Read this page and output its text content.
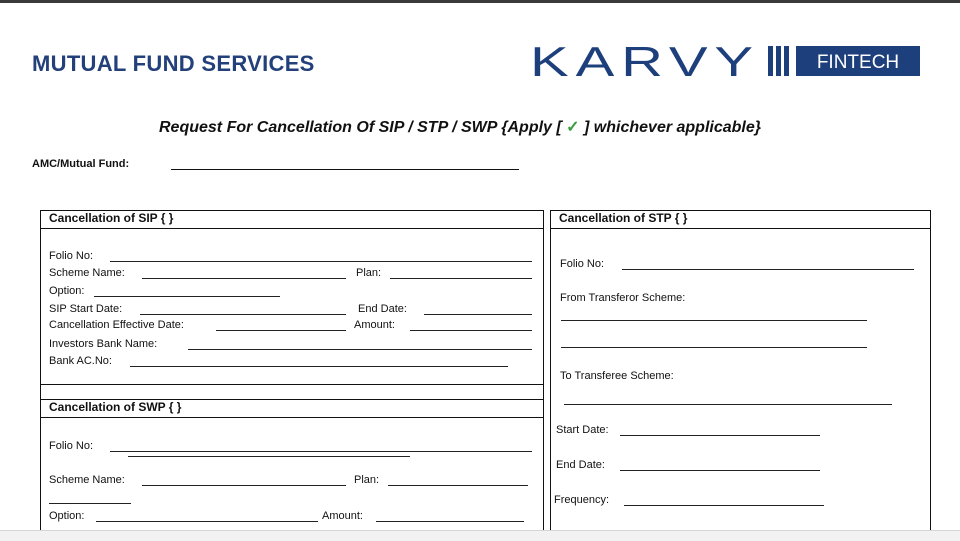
MUTUAL FUND SERVICES	KARVY	FINTECH
Request For Cancellation Of SIP / STP / SWP {Apply [ ✓ ] whichever applicable}
AMC/Mutual Fund:
Cancellation of SIP { }
Cancellation of SWP { }
Folio No:
Scheme Name:	Plan:
Option:
SIP Start Date:	End Date:
Cancellation Effective Date:	Amount:
Investors Bank Name:
Bank AC.No:
Folio No:
Scheme Name:	Plan:
Option:	Amount:
Cancellation of STP { }
Folio No:
From Transferor Scheme:
To Transferee Scheme:
Start Date:
End Date:
Frequency:
